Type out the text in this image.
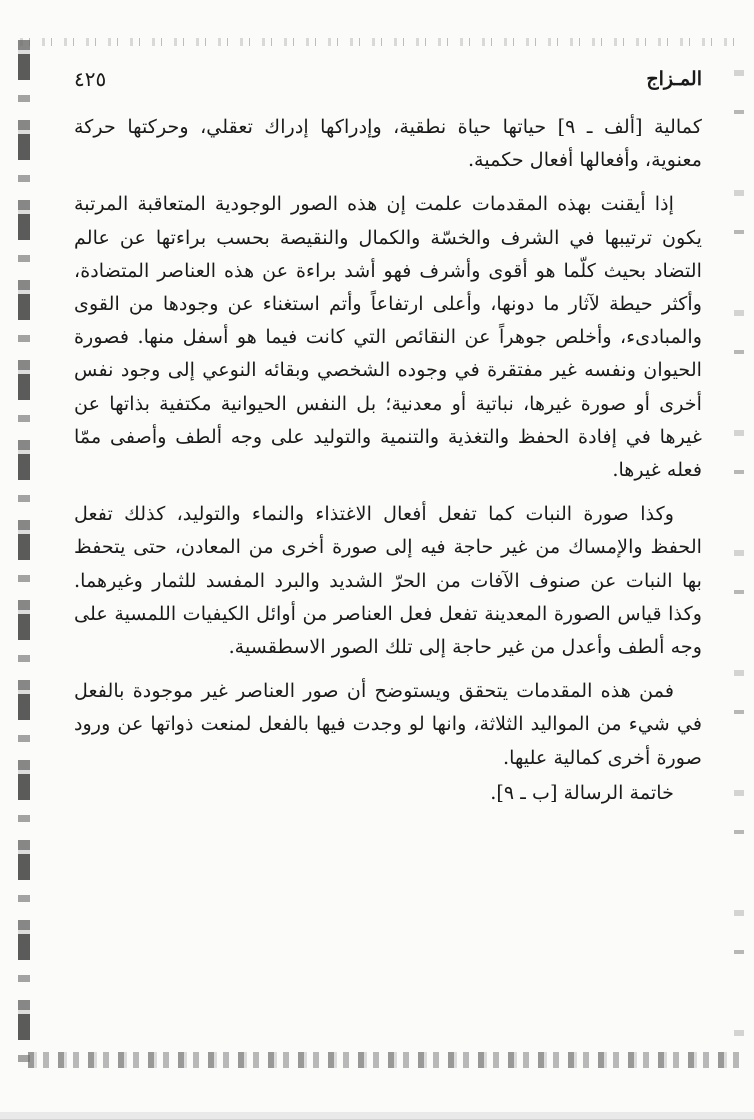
المـزاج
٤٢٥

كمالية [ألف ـ ٩] حياتها حياة نطقية، وإدراكها إدراك تعقلي، وحركتها حركة معنوية، وأفعالها أفعال حكمية.

إذا أيقنت بهذه المقدمات علمت إن هذه الصور الوجودية المتعاقبة المرتبة يكون ترتيبها في الشرف والخسّة والكمال والنقيصة بحسب براءتها عن عالم التضاد بحيث كلّما هو أقوى وأشرف فهو أشد براءة عن هذه العناصر المتضادة، وأكثر حيطة لآثار ما دونها، وأعلى ارتفاعاً وأتم استغناء عن وجودها من القوى والمبادىء، وأخلص جوهراً عن النقائص التي كانت فيما هو أسفل منها. فصورة الحيوان ونفسه غير مفتقرة في وجوده الشخصي وبقائه النوعي إلى وجود نفس أخرى أو صورة غيرها، نباتية أو معدنية؛ بل النفس الحيوانية مكتفية بذاتها عن غيرها في إفادة الحفظ والتغذية والتنمية والتوليد على وجه ألطف وأصفى ممّا فعله غيرها.

وكذا صورة النبات كما تفعل أفعال الاغتذاء والنماء والتوليد، كذلك تفعل الحفظ والإمساك من غير حاجة فيه إلى صورة أخرى من المعادن، حتى يتحفظ بها النبات عن صنوف الآفات من الحرّ الشديد والبرد المفسد للثمار وغيرهما. وكذا قياس الصورة المعدينة تفعل فعل العناصر من أوائل الكيفيات اللمسية على وجه ألطف وأعدل من غير حاجة إلى تلك الصور الاسطقسية.

فمن هذه المقدمات يتحقق ويستوضح أن صور العناصر غير موجودة بالفعل في شيء من المواليد الثلاثة، وانها لو وجدت فيها بالفعل لمنعت ذواتها عن ورود صورة أخرى كمالية عليها.

خاتمة الرسالة [ب ـ ٩].
